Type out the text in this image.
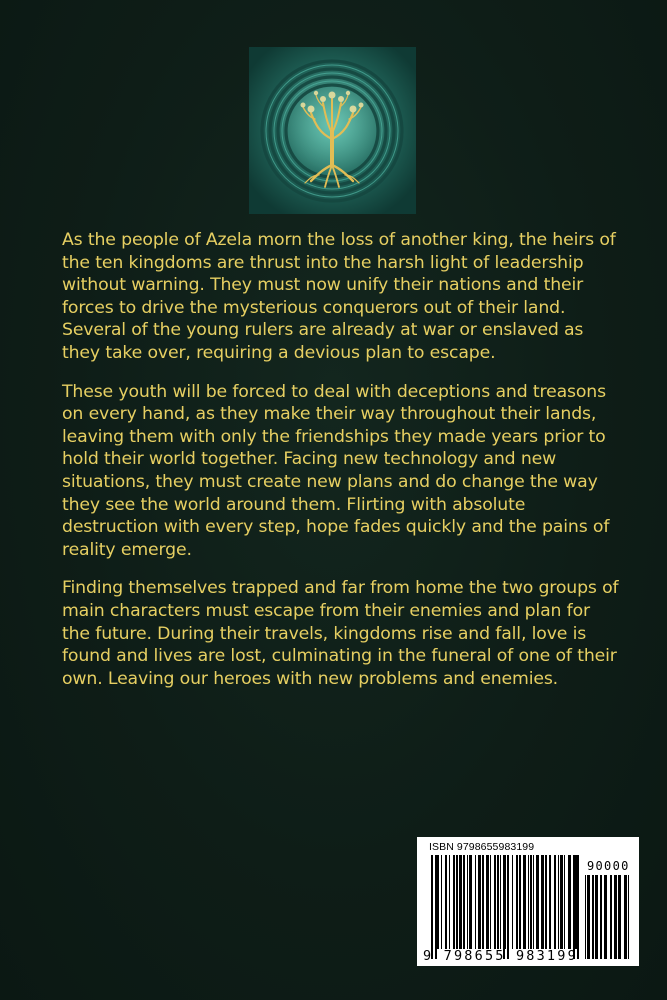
As the people of Azela morn the loss of another king, the heirs of the ten kingdoms are thrust into the harsh light of leadership without warning. They must now unify their nations and their forces to drive the mysterious conquerors out of their land. Several of the young rulers are already at war or enslaved as they take over, requiring a devious plan to escape.

These youth will be forced to deal with deceptions and treasons on every hand, as they make their way throughout their lands, leaving them with only the friendships they made years prior to hold their world together. Facing new technology and new situations, they must create new plans and do change the way they see the world around them. Flirting with absolute destruction with every step, hope fades quickly and the pains of reality emerge.

Finding themselves trapped and far from home the two groups of main characters must escape from their enemies and plan for the future. During their travels, kingdoms rise and fall, love is found and lives are lost, culminating in the funeral of one of their own. Leaving our heroes with new problems and enemies.

ISBN 9798655983199
90000
9 798655 983199
